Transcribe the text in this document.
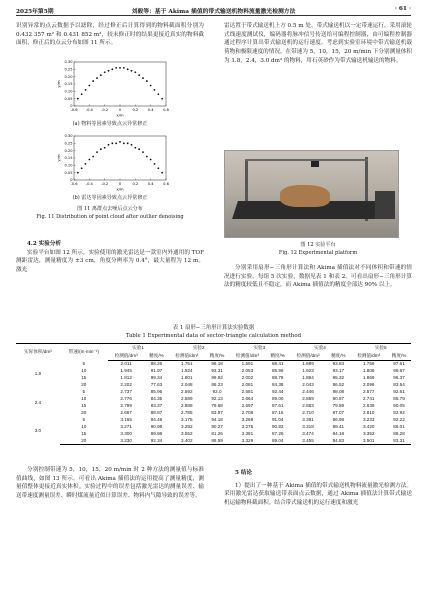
2025年第5期	刘毅等：基于 Akima 插值的带式输送机物料流量激光检测方法	· 61 ·

识别异常的点云数据予以滤除，经过修正后计算得到的物料截面积分别为 0.432 357 m² 和 0.431 852 m²，较未修正时的结果更接近真实的物料截面积，修正后的点云分布如图 11 所示。

-0.6 -0.4 -0.2	0	0.2	0.4	0.6
0.30
0.25
0.20
0.15
0.10
0.05
0
y/m
x/m
(a) 物料等因素导致点云异常修正
-0.6 -0.4 -0.2	0	0.2	0.4	0.6
0.30
0.25
0.20
0.15
0.10
0.05
0
y/m
x/m
(b) 雷达等因素导致点云异常修正
图 11 离群点去噪后点云分布
Fig. 11 Distribution of point cloud after outlier denoising

4.2 实验分析

实验平台如图 12 所示。实验使用的激光雷达是一款室内外通用的 TOF 测距雷达，测量精度为 ±3 cm，角度分辨率为 0.4°，最大量程为 12 m。激光

雷达置于带式输送机上方 0.5 m 处。带式输送机以一定带速运行，采用滚轮式线速度测试仪，编码器将脉冲信号传送给可编程控制器，由可编程控制器通过程序计算出带式输送机的运行速度。考虑到实验室环境中带式输送机载荷物和极限速度的情况，在带速为 5，10，15，20 m/min 下分别测量体积为 1.8，2.4，3.0 dm³ 的物料，用石英砂作为带式输送机输送的物料。

图 12 实验平台
Fig. 12 Experimental platform

分别采用扇形−三角形计算法和 Akima 插值法对不同体积和带速的情况进行实验，每组 5 次实验，数据见表 1 和表 2。可看出扇形−三角形计算法的精度较低且不稳定，而 Akima 插值法的精度全部达 90% 以上。

表 1 扇形−三角形计算法实验数据
Table 1 Experimental data of sector-triangle calculation method
实际体积/dm³	带速/(m·min⁻¹)	实验1		实验2		实验3		实验4		实验5	
		检测值/dm³	精度/%	检测值/dm³	精度/%	检测值/dm³	精度/%	检测值/dm³	精度/%	检测值/dm³	精度/%
1.8	5	2.011	88.26	1.751	96.18	1.591	88.41	1.689	93.83	1.756	97.61
	10	1.945	91.97	1.924	93.31	2.053	85.96	1.923	93.17	1.806	99.67
	15	1.812	99.34	1.801	99.92	2.002	88.78	1.884	95.32	1.869	96.37
	20	2.202	77.63	2.048	86.23	2.081	84.38	2.043	86.52	2.096	83.54
2.4	5	2.737	85.96	2.592	92.0	2.581	92.44	2.446	98.08	2.577	92.61
	10	2.776	84.35	2.589	92.13	2.664	89.00	2.859	80.87	2.741	85.79
	15	2.799	83.37	2.888	79.68	2.697	87.61	2.883	79.89	2.639	90.05
	20	2.667	88.87	2.785	83.97	2.708	87.16	2.710	87.07	2.810	82.92
3.0	5	3.165	94.49	3.175	94.18	3.269	91.04	3.391	86.98	3.233	92.22
	10	3.271	90.98	3.292	90.27	3.275	90.83	3.318	89.41	3.420	86.01
	15	3.300	89.98	3.552	81.26	3.381	87.28	3.474	84.18	3.352	88.28
	20	3.230	92.34	3.402	86.59	3.329	89.04	3.455	84.83	3.501	83.31

分别控制带速为 5，10，15，20 m/min 时 2 种方法的测量值与标准值曲线，如图 13 所示。可看出 Akima 插值法的运用提高了测量精度，测量值整体更接近真实体积。实验过程中的误差包括激光雷达的测量误差、输送带速度测量误差、瞬时煤流量近似计算误差、物料内气隙导致的误差等。

5 结论

1）提出了一种基于 Akima 插值的带式输送机物料流量激光检测方法。采用激光雷达获取输送带表面点云数据，通过 Akima 插值法计算带式输送机运输物料截面积。结合带式输送机的运行速度和激光
